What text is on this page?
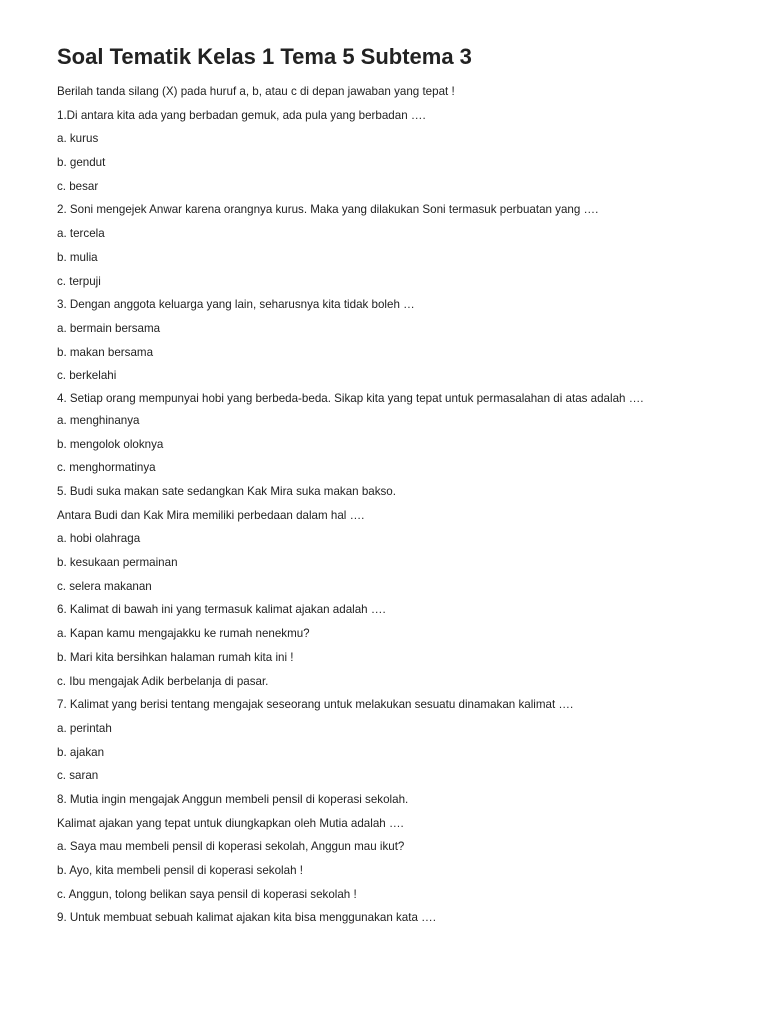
Soal Tematik Kelas 1 Tema 5 Subtema 3

Berilah tanda silang (X) pada huruf a, b, atau c di depan jawaban yang tepat !

1.Di antara kita ada yang berbadan gemuk, ada pula yang berbadan ….

a. kurus

b. gendut

c. besar

2. Soni mengejek Anwar karena orangnya kurus. Maka yang dilakukan Soni termasuk perbuatan yang ….

a. tercela

b. mulia

c. terpuji

3. Dengan anggota keluarga yang lain, seharusnya kita tidak boleh …

a. bermain bersama

b. makan bersama

c. berkelahi

4. Setiap orang mempunyai hobi yang berbeda-beda. Sikap kita yang tepat untuk permasalahan di atas adalah ….

a. menghinanya

b. mengolok oloknya

c. menghormatinya

5. Budi suka makan sate sedangkan Kak Mira suka makan bakso.

Antara Budi dan Kak Mira memiliki perbedaan dalam hal ….

a. hobi olahraga

b. kesukaan permainan

c. selera makanan

6. Kalimat di bawah ini yang termasuk kalimat ajakan adalah ….

a. Kapan kamu mengajakku ke rumah nenekmu?

b. Mari kita bersihkan halaman rumah kita ini !

c. Ibu mengajak Adik berbelanja di pasar.

7. Kalimat yang berisi tentang mengajak seseorang untuk melakukan sesuatu dinamakan kalimat ….

a. perintah

b. ajakan

c. saran

8. Mutia ingin mengajak Anggun membeli pensil di koperasi sekolah.

Kalimat ajakan yang tepat untuk diungkapkan oleh Mutia adalah ….

a. Saya mau membeli pensil di koperasi sekolah, Anggun mau ikut?

b. Ayo, kita membeli pensil di koperasi sekolah !

c. Anggun, tolong belikan saya pensil di koperasi sekolah !

9. Untuk membuat sebuah kalimat ajakan kita bisa menggunakan kata ….
